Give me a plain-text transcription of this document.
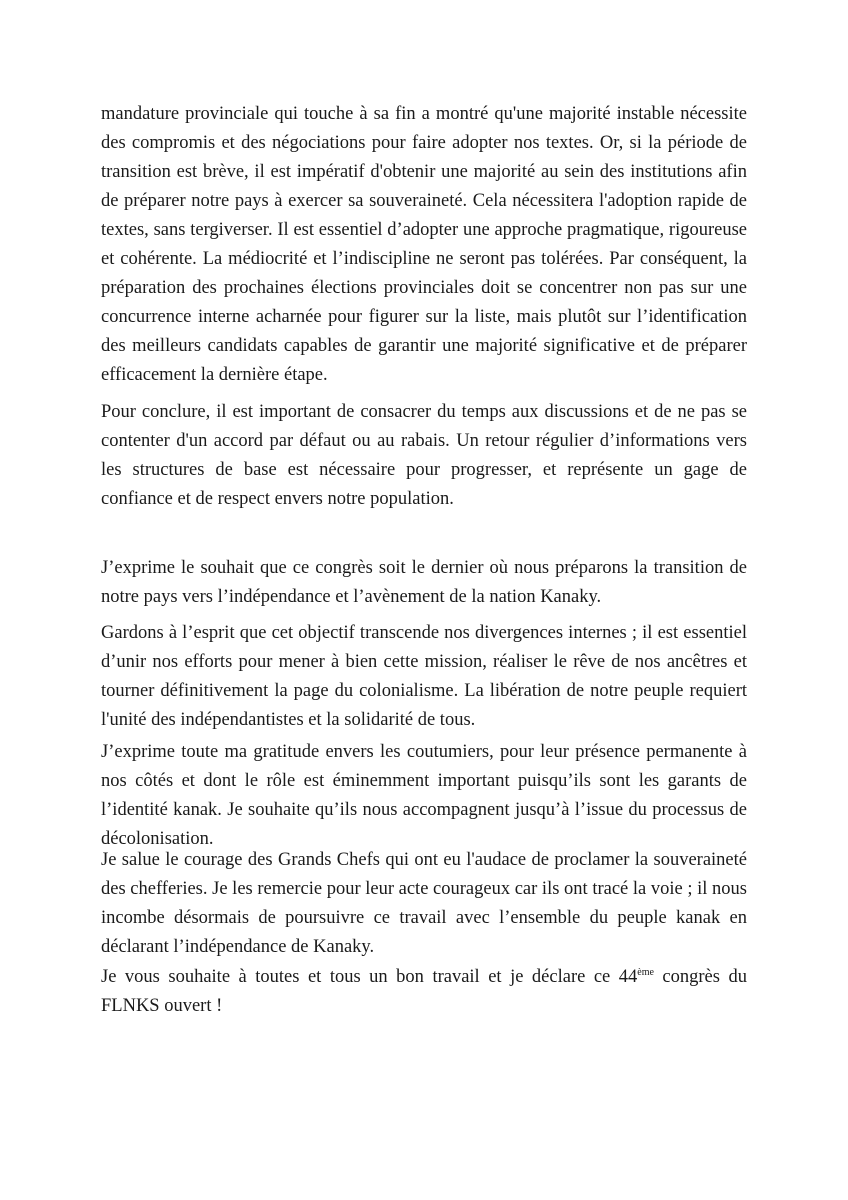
mandature provinciale qui touche à sa fin a montré qu'une majorité instable nécessite des compromis et des négociations pour faire adopter nos textes. Or, si la période de transition est brève, il est impératif d'obtenir une majorité au sein des institutions afin de préparer notre pays à exercer sa souveraineté. Cela nécessitera l'adoption rapide de textes, sans tergiverser. Il est essentiel d’adopter une approche pragmatique, rigoureuse et cohérente. La médiocrité et l’indiscipline ne seront pas tolérées. Par conséquent, la préparation des prochaines élections provinciales doit se concentrer non pas sur une concurrence interne acharnée pour figurer sur la liste, mais plutôt sur l’identification des meilleurs candidats capables de garantir une majorité significative et de préparer efficacement la dernière étape.

Pour conclure, il est important de consacrer du temps aux discussions et de ne pas se contenter d'un accord par défaut ou au rabais. Un retour régulier d’informations vers les structures de base est nécessaire pour progresser, et représente un gage de confiance et de respect envers notre population.

J’exprime le souhait que ce congrès soit le dernier où nous préparons la transition de notre pays vers l’indépendance et l’avènement de la nation Kanaky.

Gardons à l’esprit que cet objectif transcende nos divergences internes ; il est essentiel d’unir nos efforts pour mener à bien cette mission, réaliser le rêve de nos ancêtres et tourner définitivement la page du colonialisme. La libération de notre peuple requiert l'unité des indépendantistes et la solidarité de tous.

J’exprime toute ma gratitude envers les coutumiers, pour leur présence permanente à nos côtés et dont le rôle est éminemment important puisqu’ils sont les garants de l’identité kanak. Je souhaite qu’ils nous accompagnent jusqu’à l’issue du processus de décolonisation.

Je salue le courage des Grands Chefs qui ont eu l'audace de proclamer la souveraineté des chefferies. Je les remercie pour leur acte courageux car ils ont tracé la voie ; il nous incombe désormais de poursuivre ce travail avec l’ensemble du peuple kanak en déclarant l’indépendance de Kanaky.

Je vous souhaite à toutes et tous un bon travail et je déclare ce 44ème congrès du FLNKS ouvert !
